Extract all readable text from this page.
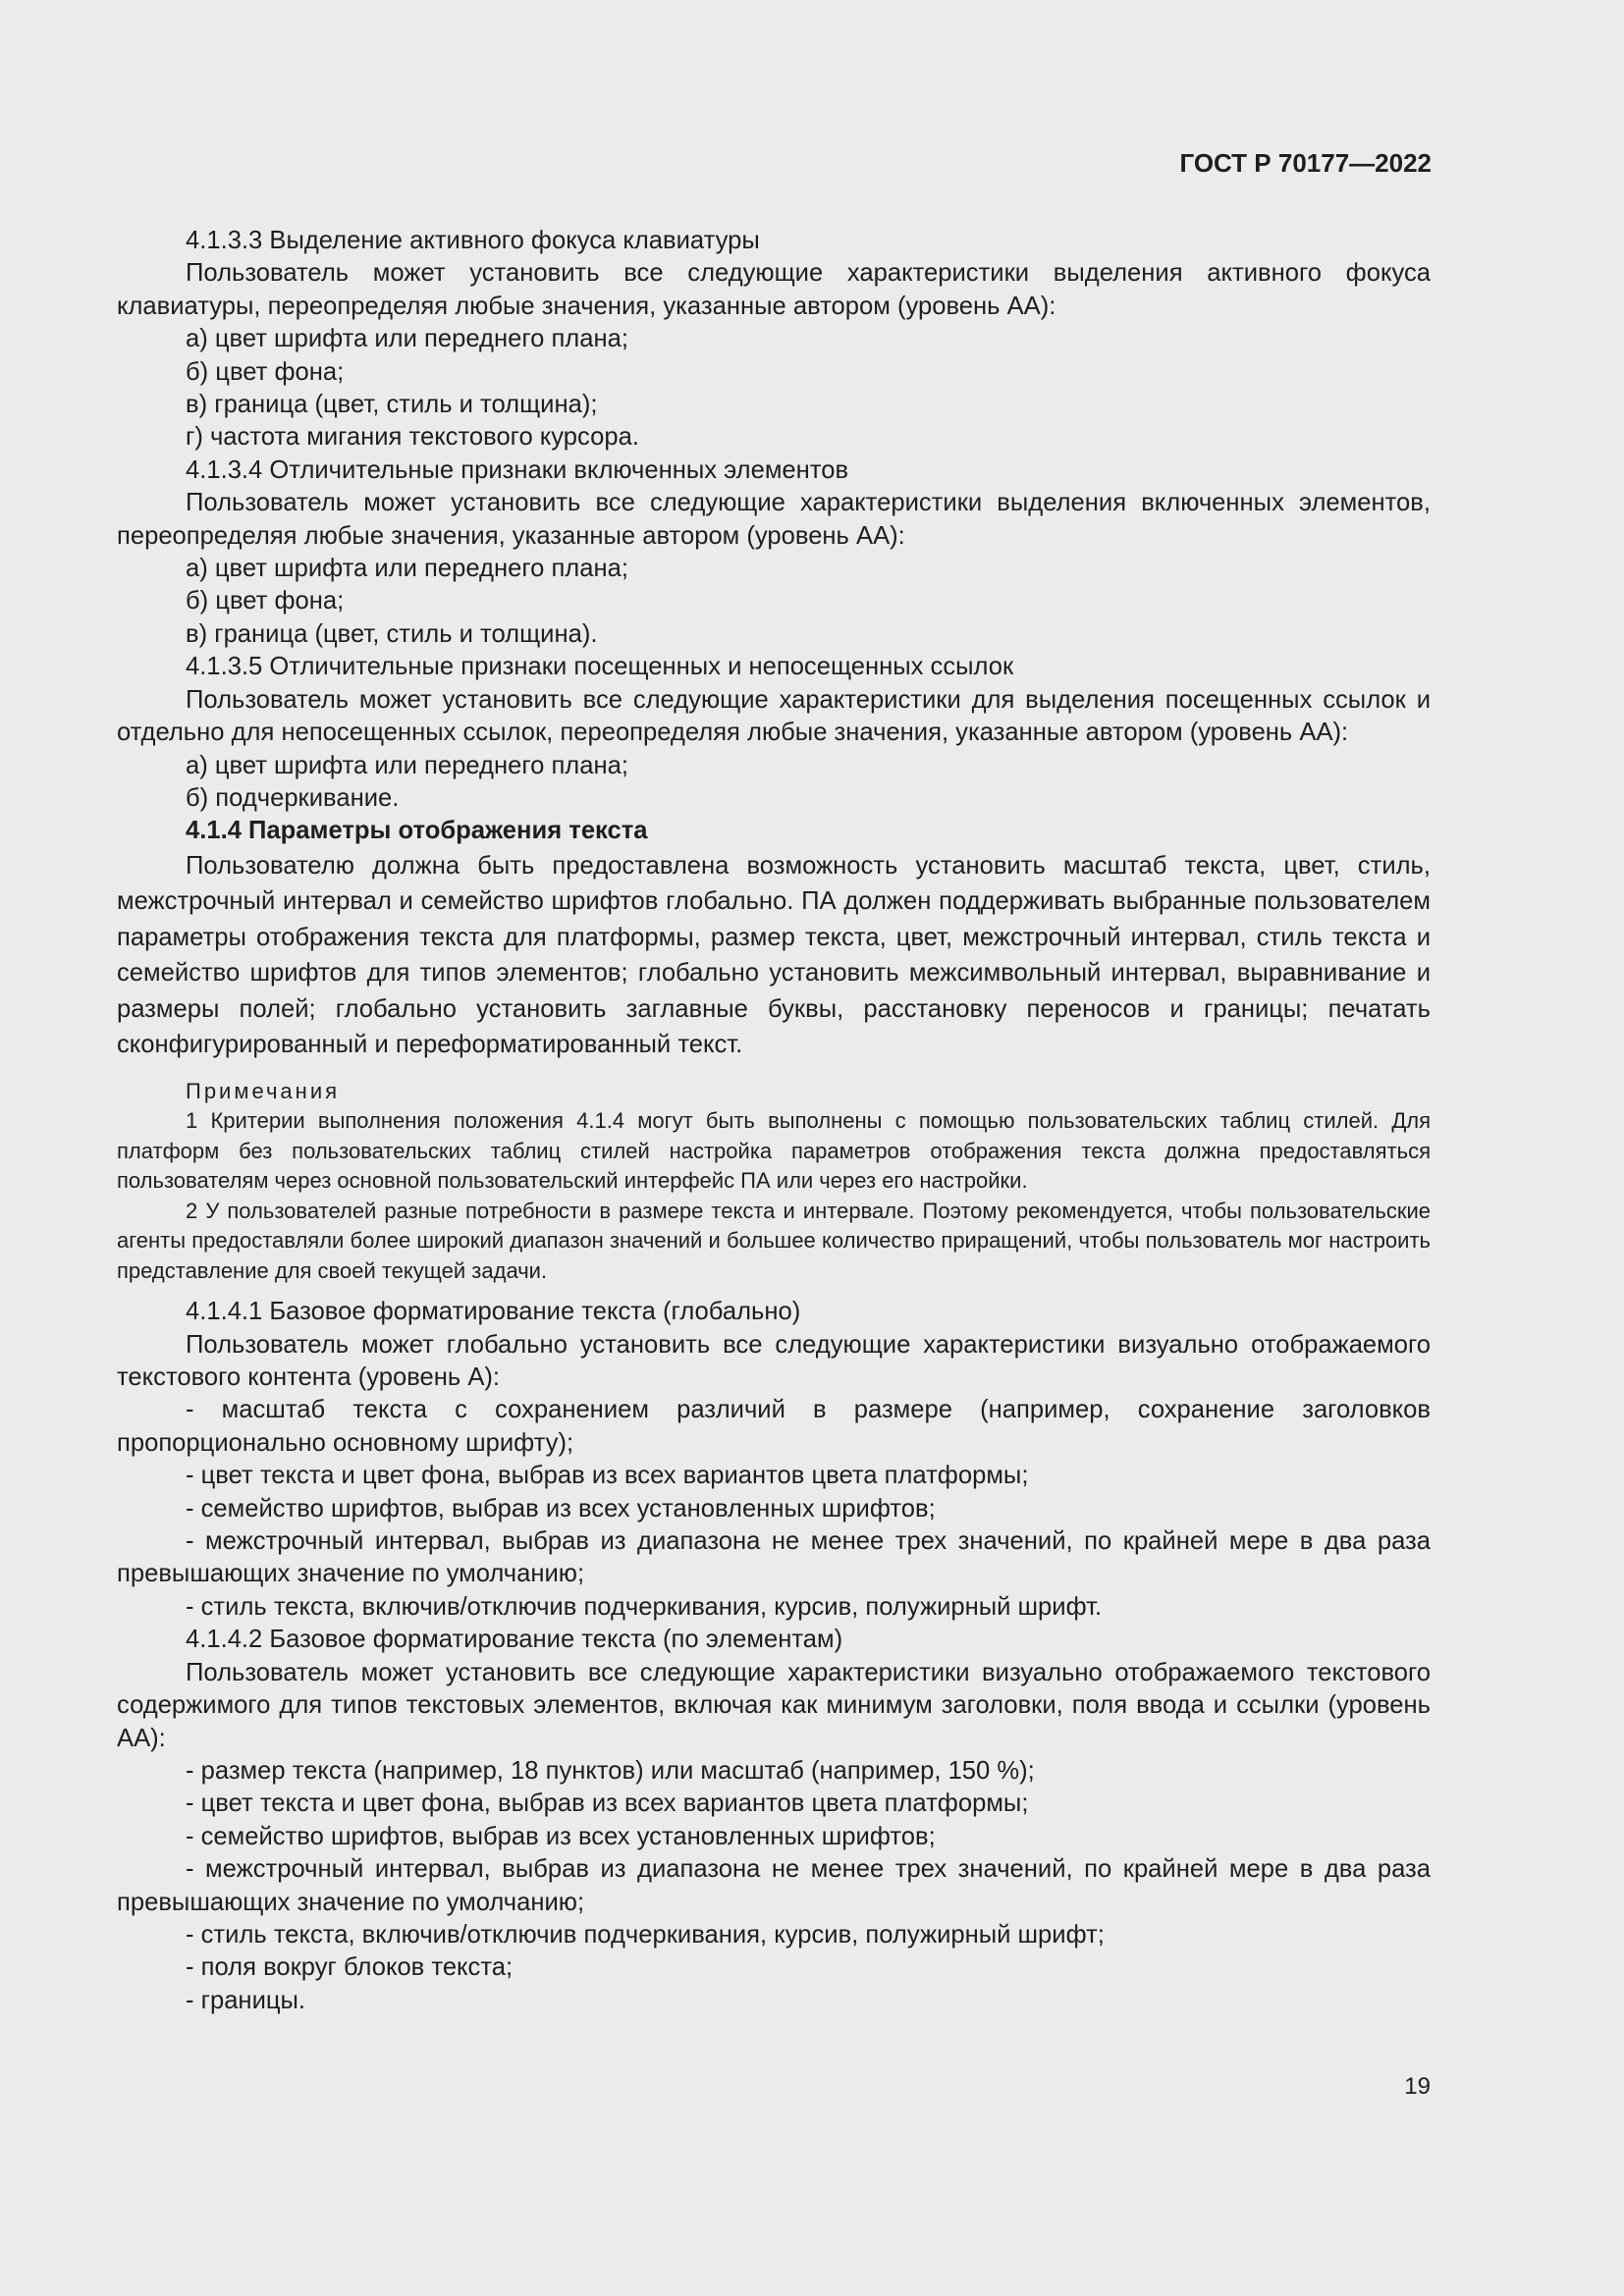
ГОСТ Р 70177—2022

4.1.3.3 Выделение активного фокуса клавиатуры

Пользователь может установить все следующие характеристики выделения активного фокуса клавиатуры, переопределяя любые значения, указанные автором (уровень АА):

а) цвет шрифта или переднего плана;

б) цвет фона;

в) граница (цвет, стиль и толщина);

г) частота мигания текстового курсора.

4.1.3.4 Отличительные признаки включенных элементов

Пользователь может установить все следующие характеристики выделения включенных элементов, переопределяя любые значения, указанные автором (уровень АА):

а) цвет шрифта или переднего плана;

б) цвет фона;

в) граница (цвет, стиль и толщина).

4.1.3.5 Отличительные признаки посещенных и непосещенных ссылок

Пользователь может установить все следующие характеристики для выделения посещенных ссылок и отдельно для непосещенных ссылок, переопределяя любые значения, указанные автором (уровень АА):

а) цвет шрифта или переднего плана;

б) подчеркивание.

4.1.4 Параметры отображения текста

Пользователю должна быть предоставлена возможность установить масштаб текста, цвет, стиль, межстрочный интервал и семейство шрифтов глобально. ПА должен поддерживать выбранные пользователем параметры отображения текста для платформы, размер текста, цвет, межстрочный интервал, стиль текста и семейство шрифтов для типов элементов; глобально установить межсимвольный интервал, выравнивание и размеры полей; глобально установить заглавные буквы, расстановку переносов и границы; печатать сконфигурированный и переформатированный текст.

Примечания

1 Критерии выполнения положения 4.1.4 могут быть выполнены с помощью пользовательских таблиц стилей. Для платформ без пользовательских таблиц стилей настройка параметров отображения текста должна предоставляться пользователям через основной пользовательский интерфейс ПА или через его настройки.

2 У пользователей разные потребности в размере текста и интервале. Поэтому рекомендуется, чтобы пользовательские агенты предоставляли более широкий диапазон значений и большее количество приращений, чтобы пользователь мог настроить представление для своей текущей задачи.

4.1.4.1 Базовое форматирование текста (глобально)

Пользователь может глобально установить все следующие характеристики визуально отображаемого текстового контента (уровень А):

- масштаб текста с сохранением различий в размере (например, сохранение заголовков пропорционально основному шрифту);

- цвет текста и цвет фона, выбрав из всех вариантов цвета платформы;

- семейство шрифтов, выбрав из всех установленных шрифтов;

- межстрочный интервал, выбрав из диапазона не менее трех значений, по крайней мере в два раза превышающих значение по умолчанию;

- стиль текста, включив/отключив подчеркивания, курсив, полужирный шрифт.

4.1.4.2 Базовое форматирование текста (по элементам)

Пользователь может установить все следующие характеристики визуально отображаемого текстового содержимого для типов текстовых элементов, включая как минимум заголовки, поля ввода и ссылки (уровень АА):

- размер текста (например, 18 пунктов) или масштаб (например, 150 %);

- цвет текста и цвет фона, выбрав из всех вариантов цвета платформы;

- семейство шрифтов, выбрав из всех установленных шрифтов;

- межстрочный интервал, выбрав из диапазона не менее трех значений, по крайней мере в два раза превышающих значение по умолчанию;

- стиль текста, включив/отключив подчеркивания, курсив, полужирный шрифт;

- поля вокруг блоков текста;

- границы.

19
